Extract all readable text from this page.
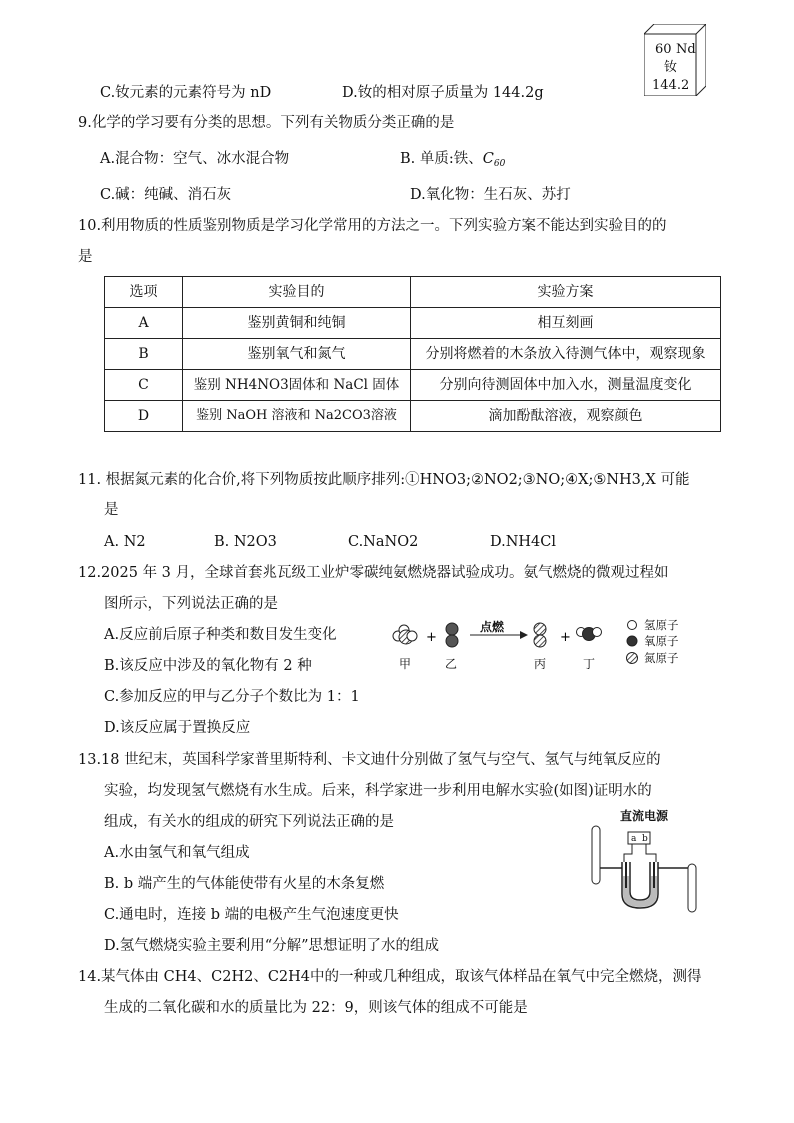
60 Nd
钕
144.2
C.钕元素的元素符号为 nD	D.钕的相对原子质量为 144.2g
9.化学的学习要有分类的思想。下列有关物质分类正确的是
A.混合物：空气、冰水混合物	B. 单质:铁、$C_{60}$
C.碱：纯碱、消石灰	D.氧化物：生石灰、苏打
10.利用物质的性质鉴别物质是学习化学常用的方法之一。下列实验方案不能达到实验目的的
是
选项	实验目的	实验方案
A	鉴别黄铜和纯铜	相互刻画
B	鉴别氧气和氮气	分别将燃着的木条放入待测气体中，观察现象
C	鉴别 NH4NO3固体和 NaCl 固体	分别向待测固体中加入水，测量温度变化
D	鉴别 NaOH 溶液和 Na2CO3溶液	滴加酚酞溶液，观察颜色
11. 根据氮元素的化合价,将下列物质按此顺序排列:①HNO3;②NO2;③NO;④X;⑤NH3,X 可能
是
A. N2	B. N2O3	C.NaNO2	D.NH4Cl
12.2025 年 3 月，全球首套兆瓦级工业炉零碳纯氨燃烧器试验成功。氨气燃烧的微观过程如
图所示，下列说法正确的是
A.反应前后原子种类和数目发生变化
B.该反应中涉及的氧化物有 2 种
C.参加反应的甲与乙分子个数比为 1：1
D.该反应属于置换反应
+	+
点燃
甲	乙	丙	丁
氢原子
氧原子
氮原子
13.18 世纪末，英国科学家普里斯特利、卡文迪什分别做了氢气与空气、氢气与纯氧反应的
实验，均发现氢气燃烧有水生成。后来，科学家进一步利用电解水实验(如图)证明水的
组成，有关水的组成的研究下列说法正确的是
A.水由氢气和氧气组成
B. b 端产生的气体能使带有火星的木条复燃
C.通电时，连接 b 端的电极产生气泡速度更快
D.氢气燃烧实验主要利用“分解”思想证明了水的组成
直流电源
a b
14.某气体由 CH4、C2H2、C2H4中的一种或几种组成，取该气体样品在氧气中完全燃烧，测得
生成的二氧化碳和水的质量比为 22：9，则该气体的组成不可能是
